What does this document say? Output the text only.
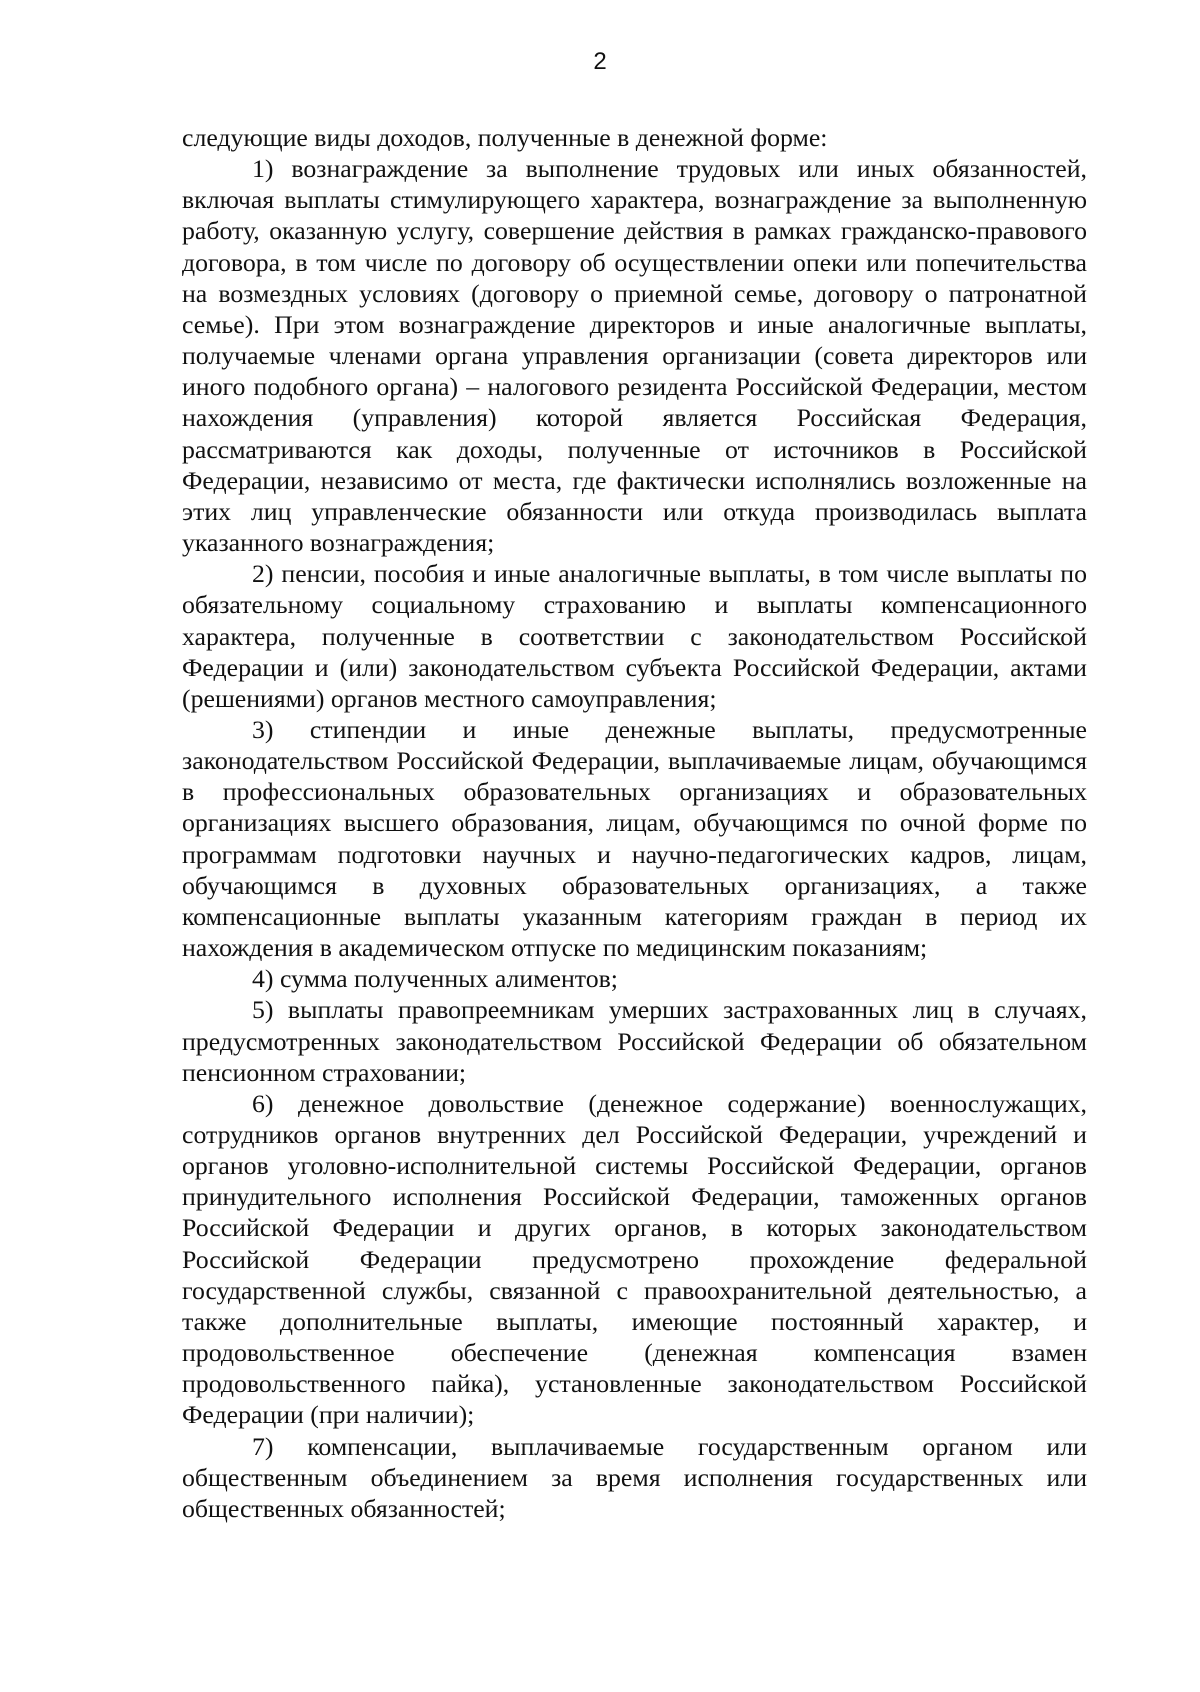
2

следующие виды доходов, полученные в денежной форме:

1) вознаграждение за выполнение трудовых или иных обязанностей, включая выплаты стимулирующего характера, вознаграждение за выполненную работу, оказанную услугу, совершение действия в рамках гражданско-правового договора, в том числе по договору об осуществлении опеки или попечительства на возмездных условиях (договору о приемной семье, договору о патронатной семье). При этом вознаграждение директоров и иные аналогичные выплаты, получаемые членами органа управления организации (совета директоров или иного подобного органа) – налогового резидента Российской Федерации, местом нахождения (управления) которой является Российская Федерация, рассматриваются как доходы, полученные от источников в Российской Федерации, независимо от места, где фактически исполнялись возложенные на этих лиц управленческие обязанности или откуда производилась выплата указанного вознаграждения;

2) пенсии, пособия и иные аналогичные выплаты, в том числе выплаты по обязательному социальному страхованию и выплаты компенсационного характера, полученные в соответствии с законодательством Российской Федерации и (или) законодательством субъекта Российской Федерации, актами (решениями) органов местного самоуправления;

3) стипендии и иные денежные выплаты, предусмотренные законодательством Российской Федерации, выплачиваемые лицам, обучающимся в профессиональных образовательных организациях и образовательных организациях высшего образования, лицам, обучающимся по очной форме по программам подготовки научных и научно-педагогических кадров, лицам, обучающимся в духовных образовательных организациях, а также компенсационные выплаты указанным категориям граждан в период их нахождения в академическом отпуске по медицинским показаниям;

4) сумма полученных алиментов;

5) выплаты правопреемникам умерших застрахованных лиц в случаях, предусмотренных законодательством Российской Федерации об обязательном пенсионном страховании;

6) денежное довольствие (денежное содержание) военнослужащих, сотрудников органов внутренних дел Российской Федерации, учреждений и органов уголовно-исполнительной системы Российской Федерации, органов принудительного исполнения Российской Федерации, таможенных органов Российской Федерации и других органов, в которых законодательством Российской Федерации предусмотрено прохождение федеральной государственной службы, связанной с правоохранительной деятельностью, а также дополнительные выплаты, имеющие постоянный характер, и продовольственное обеспечение (денежная компенсация взамен продовольственного пайка), установленные законодательством Российской Федерации (при наличии);

7) компенсации, выплачиваемые государственным органом или общественным объединением за время исполнения государственных или общественных обязанностей;
